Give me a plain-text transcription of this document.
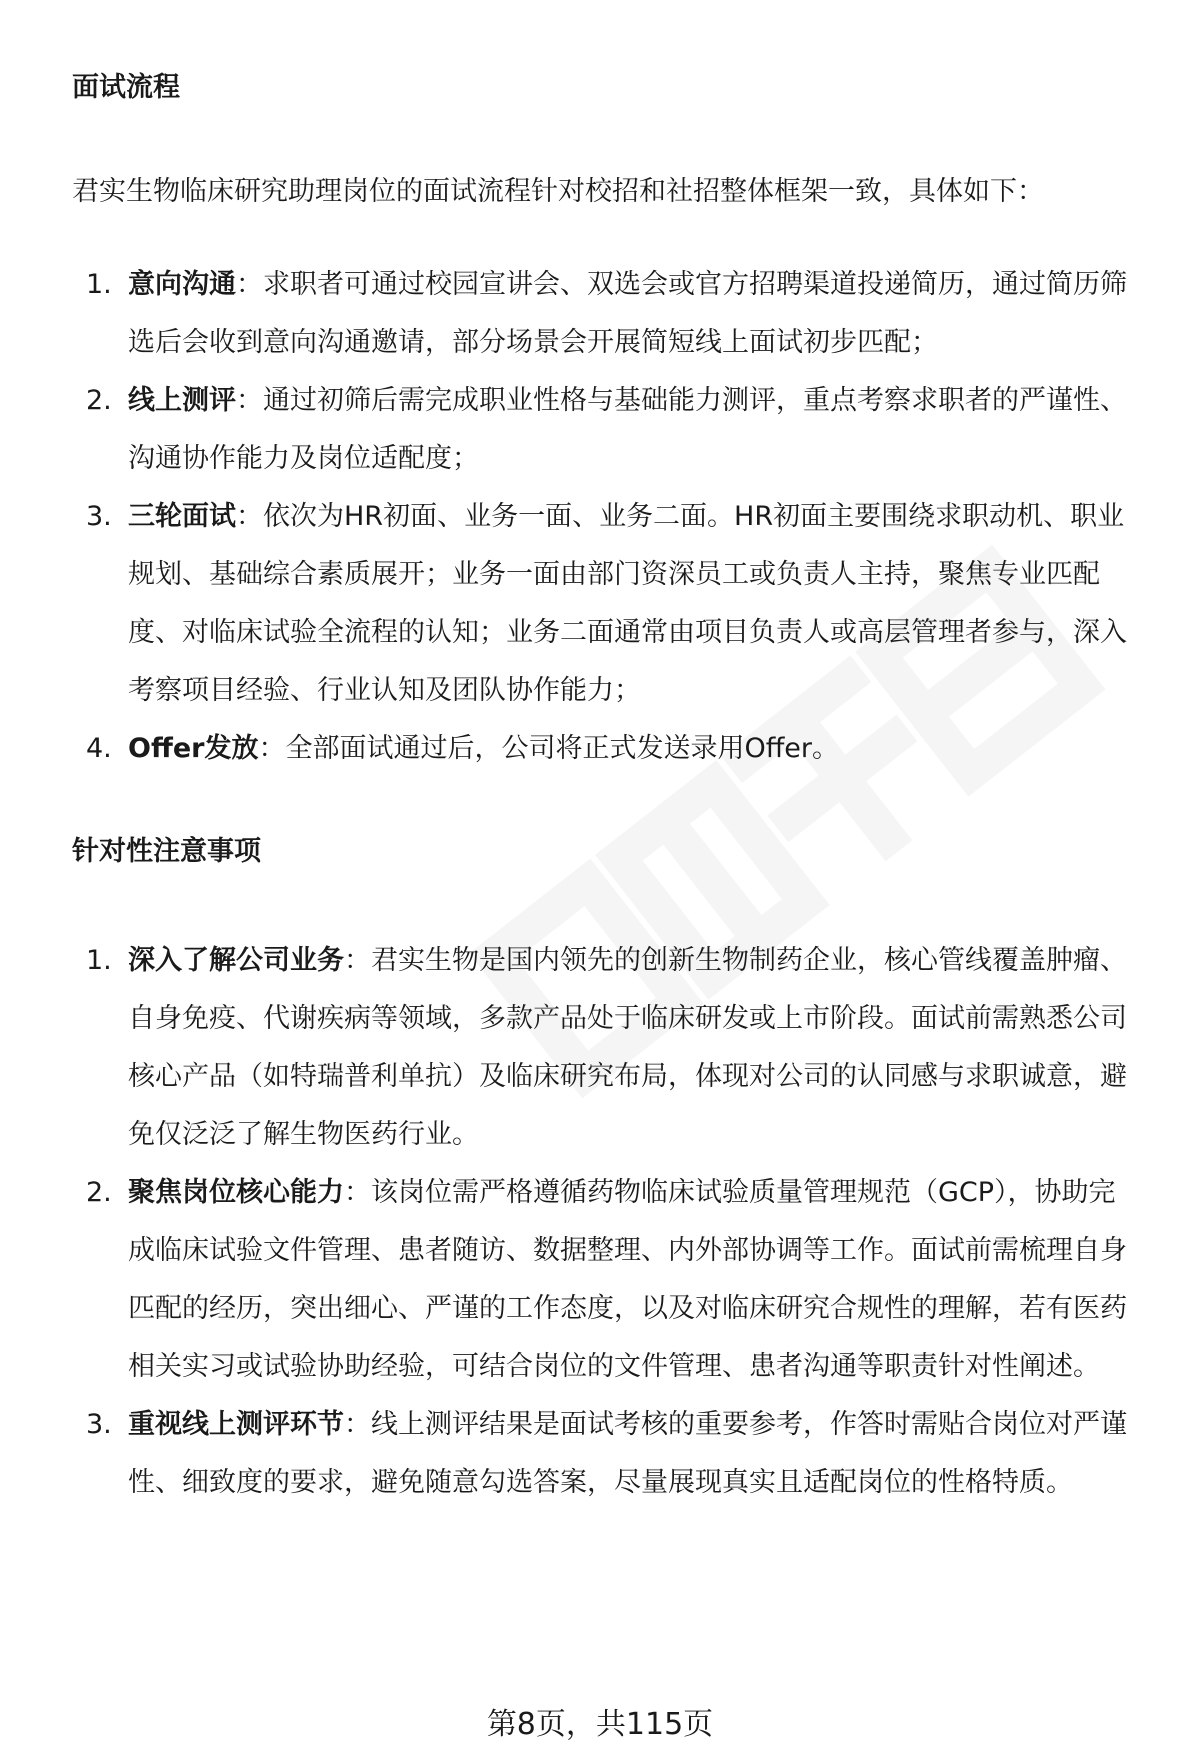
面试流程

君实生物临床研究助理岗位的面试流程针对校招和社招整体框架一致，具体如下：

1. 意向沟通：求职者可通过校园宣讲会、双选会或官方招聘渠道投递简历，通过简历筛选后会收到意向沟通邀请，部分场景会开展简短线上面试初步匹配；
2. 线上测评：通过初筛后需完成职业性格与基础能力测评，重点考察求职者的严谨性、沟通协作能力及岗位适配度；
3. 三轮面试：依次为HR初面、业务一面、业务二面。HR初面主要围绕求职动机、职业规划、基础综合素质展开；业务一面由部门资深员工或负责人主持，聚焦专业匹配度、对临床试验全流程的认知；业务二面通常由项目负责人或高层管理者参与，深入考察项目经验、行业认知及团队协作能力；
4. Offer发放：全部面试通过后，公司将正式发送录用Offer。
针对性注意事项
1. 深入了解公司业务：君实生物是国内领先的创新生物制药企业，核心管线覆盖肿瘤、自身免疫、代谢疾病等领域，多款产品处于临床研发或上市阶段。面试前需熟悉公司核心产品（如特瑞普利单抗）及临床研究布局，体现对公司的认同感与求职诚意，避免仅泛泛了解生物医药行业。
2. 聚焦岗位核心能力：该岗位需严格遵循药物临床试验质量管理规范（GCP），协助完成临床试验文件管理、患者随访、数据整理、内外部协调等工作。面试前需梳理自身匹配的经历，突出细心、严谨的工作态度，以及对临床研究合规性的理解，若有医药相关实习或试验协助经验，可结合岗位的文件管理、患者沟通等职责针对性阐述。
3. 重视线上测评环节：线上测评结果是面试考核的重要参考，作答时需贴合岗位对严谨性、细致度的要求，避免随意勾选答案，尽量展现真实且适配岗位的性格特质。
第8页，共115页
